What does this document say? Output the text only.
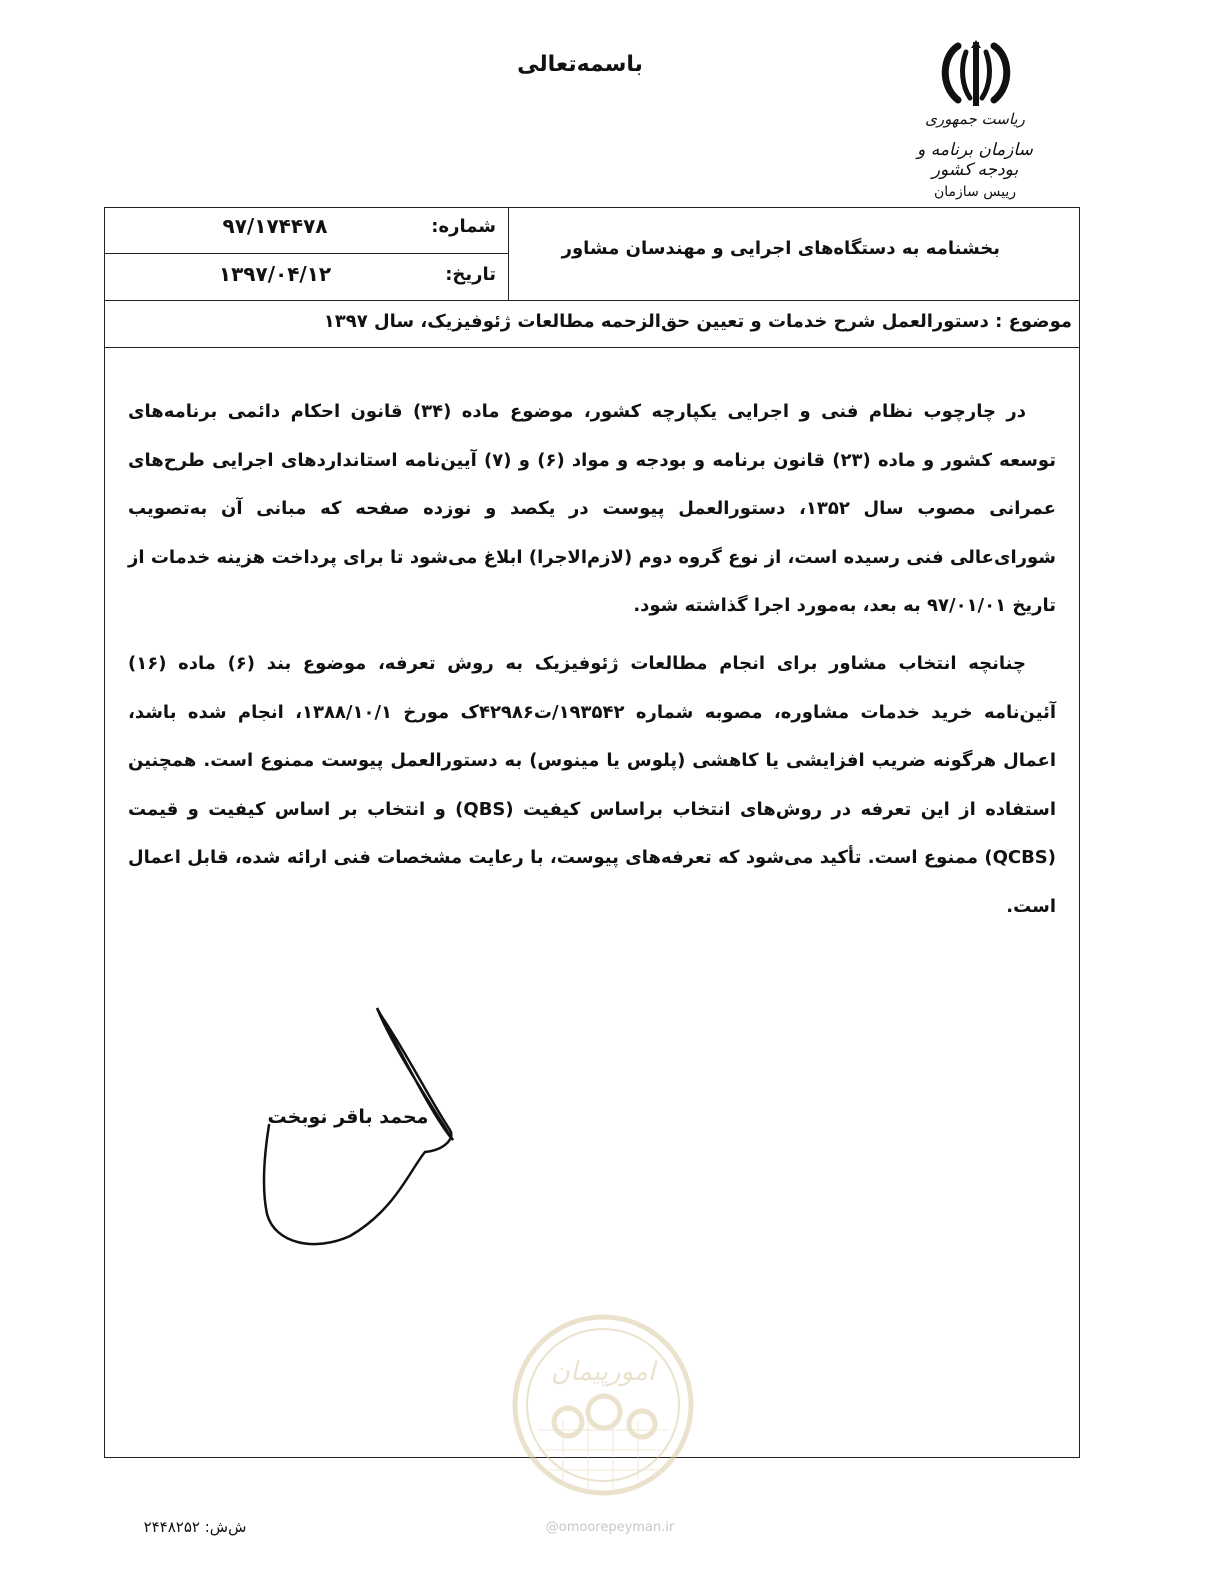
باسمه‌تعالی
ریاست جمهوری
سازمان برنامه و بودجه کشور
رییس سازمان
شماره:
۹۷/۱۷۴۴۷۸
تاریخ:
۱۳۹۷/۰۴/۱۲
بخشنامه به دستگاه‌های اجرایی و مهندسان مشاور
موضوع : دستورالعمل شرح خدمات و تعیین حق‌الزحمه مطالعات ژئوفیزیک، سال ۱۳۹۷
در چارچوب نظام فنی و اجرایی یکپارچه کشور، موضوع ماده (۳۴) قانون احکام دائمی برنامه‌های توسعه کشور و ماده (۲۳) قانون برنامه و بودجه و مواد (۶) و (۷) آیین‌نامه استانداردهای اجرایی طرح‌های عمرانی مصوب سال ۱۳۵۲، دستورالعمل پیوست در یکصد و نوزده صفحه که مبانی آن به‌تصویب شورای‌عالی فنی رسیده است، از نوع گروه دوم (لازم‌الاجرا) ابلاغ می‌شود تا برای پرداخت هزینه خدمات از تاریخ ۹۷/۰۱/۰۱ به بعد، به‌مورد اجرا گذاشته شود.
چنانچه انتخاب مشاور برای انجام مطالعات ژئوفیزیک به روش تعرفه، موضوع بند (۶) ماده (۱۶) آئین‌نامه خرید خدمات مشاوره، مصوبه شماره ۱۹۳۵۴۲/ت۴۲۹۸۶ک مورخ ۱۳۸۸/۱۰/۱، انجام شده باشد، اعمال هرگونه ضریب افزایشی یا کاهشی (پلوس یا مینوس) به دستورالعمل پیوست ممنوع است. همچنین استفاده از این تعرفه در روش‌های انتخاب براساس کیفیت (QBS) و انتخاب بر اساس کیفیت و قیمت (QCBS) ممنوع است. تأکید می‌شود که تعرفه‌های پیوست، با رعایت مشخصات فنی ارائه شده، قابل اعمال است.
محمد باقر نوبخت
امورپیمان
@omoorepeyman.ir
ش‌ش: ۲۴۴۸۲۵۲
